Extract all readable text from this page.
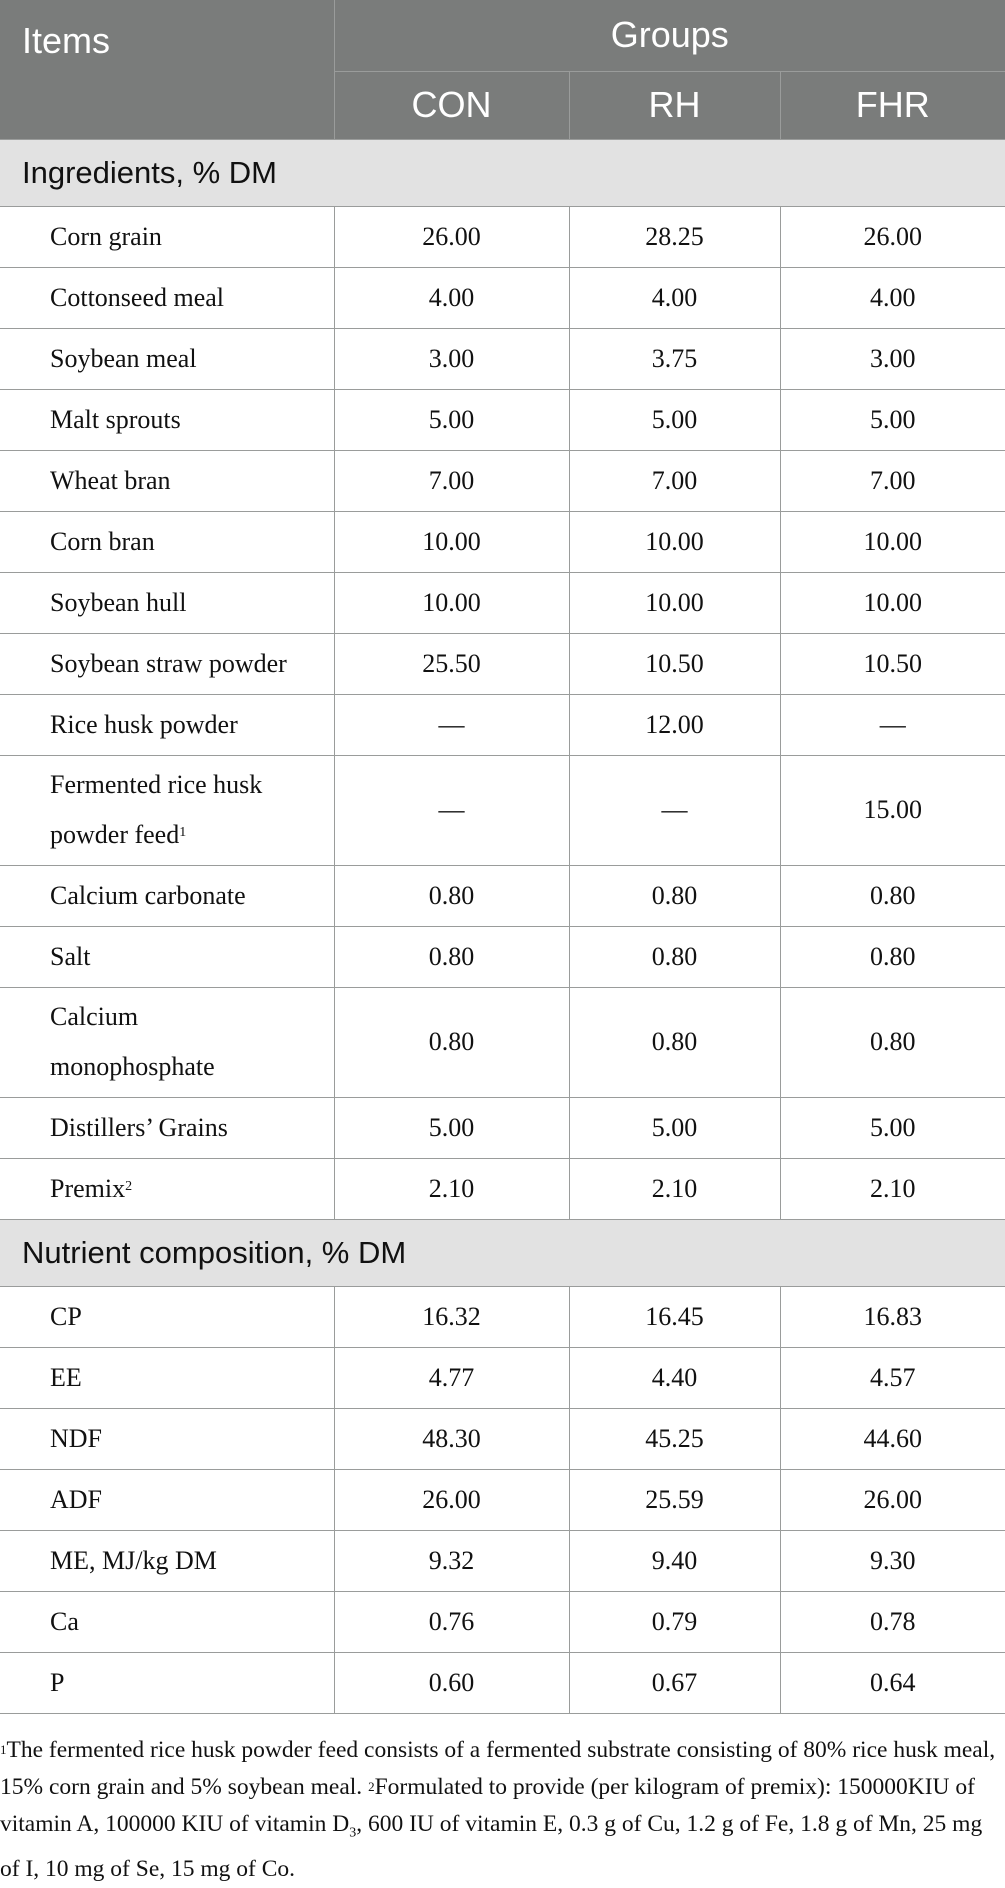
Items	Groups		
	CON	RH	FHR
Ingredients, % DM			
Corn grain	26.00	28.25	26.00
Cottonseed meal	4.00	4.00	4.00
Soybean meal	3.00	3.75	3.00
Malt sprouts	5.00	5.00	5.00
Wheat bran	7.00	7.00	7.00
Corn bran	10.00	10.00	10.00
Soybean hull	10.00	10.00	10.00
Soybean straw powder	25.50	10.50	10.50
Rice husk powder	—	12.00	—
Fermented rice husk
powder feed$^1$	—	—	15.00
Calcium carbonate	0.80	0.80	0.80
Salt	0.80	0.80	0.80
Calcium
monophosphate	0.80	0.80	0.80
Distillers’ Grains	5.00	5.00	5.00
Premix$^2$	2.10	2.10	2.10
Nutrient composition, % DM			
CP	16.32	16.45	16.83
EE	4.77	4.40	4.57
NDF	48.30	45.25	44.60
ADF	26.00	25.59	26.00
ME, MJ/kg DM	9.32	9.40	9.30
Ca	0.76	0.79	0.78
P	0.60	0.67	0.64

$^1$The fermented rice husk powder feed consists of a fermented substrate consisting of 80% rice husk meal, 15% corn grain and 5% soybean meal. $^2$Formulated to provide (per kilogram of premix): 150000KIU of vitamin A, 100000 KIU of vitamin $D_3$, 600 IU of vitamin E, 0.3 g of Cu, 1.2 g of Fe, 1.8 g of Mn, 25 mg of I, 10 mg of Se, 15 mg of Co.
